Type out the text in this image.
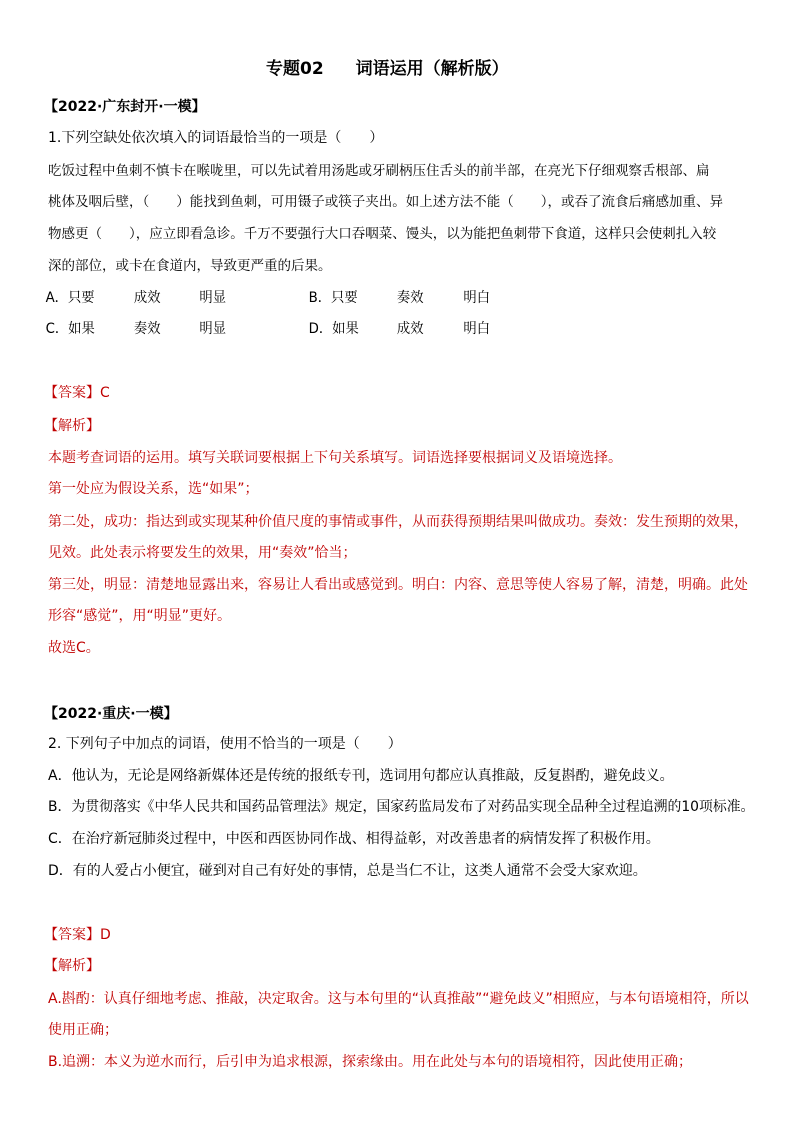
专题02 词语运用（解析版）
【2022·广东封开·一模】
1.下列空缺处依次填入的词语最恰当的一项是（　　）
吃饭过程中鱼刺不慎卡在喉咙里，可以先试着用汤匙或牙刷柄压住舌头的前半部，在亮光下仔细观察舌根部、扁
桃体及咽后壁，（　　）能找到鱼刺，可用镊子或筷子夹出。如上述方法不能（　　），或吞了流食后痛感加重、异
物感更（　　），应立即看急诊。千万不要强行大口吞咽菜、馒头，以为能把鱼刺带下食道，这样只会使刺扎入较
深的部位，或卡在食道内，导致更严重的后果。
A．只要	成效	明显	B．只要	奏效	明白
C．如果	奏效	明显	D．如果	成效	明白
【答案】C
【解析】
本题考查词语的运用。填写关联词要根据上下句关系填写。词语选择要根据词义及语境选择。
第一处应为假设关系，选“如果”；
第二处，成功：指达到或实现某种价值尺度的事情或事件，从而获得预期结果叫做成功。奏效：发生预期的效果，
见效。此处表示将要发生的效果，用“奏效”恰当；
第三处，明显：清楚地显露出来，容易让人看出或感觉到。明白：内容、意思等使人容易了解，清楚，明确。此处
形容“感觉”，用“明显”更好。
故选C。
【2022·重庆·一模】
2. 下列句子中加点的词语，使用不恰当的一项是（　　）
A．他认为，无论是网络新媒体还是传统的报纸专刊，选词用句都应认真推敲，反复斟酌，避免歧义。
B．为贯彻落实《中华人民共和国药品管理法》规定，国家药监局发布了对药品实现全品种全过程追溯的10项标准。
C．在治疗新冠肺炎过程中，中医和西医协同作战、相得益彰，对改善患者的病情发挥了积极作用。
D．有的人爱占小便宜，碰到对自己有好处的事情，总是当仁不让，这类人通常不会受大家欢迎。
【答案】D
【解析】
A.斟酌：认真仔细地考虑、推敲，决定取舍。这与本句里的“认真推敲”“避免歧义”相照应，与本句语境相符，所以
使用正确；
B.追溯：本义为逆水而行，后引申为追求根源，探索缘由。用在此处与本句的语境相符，因此使用正确；
